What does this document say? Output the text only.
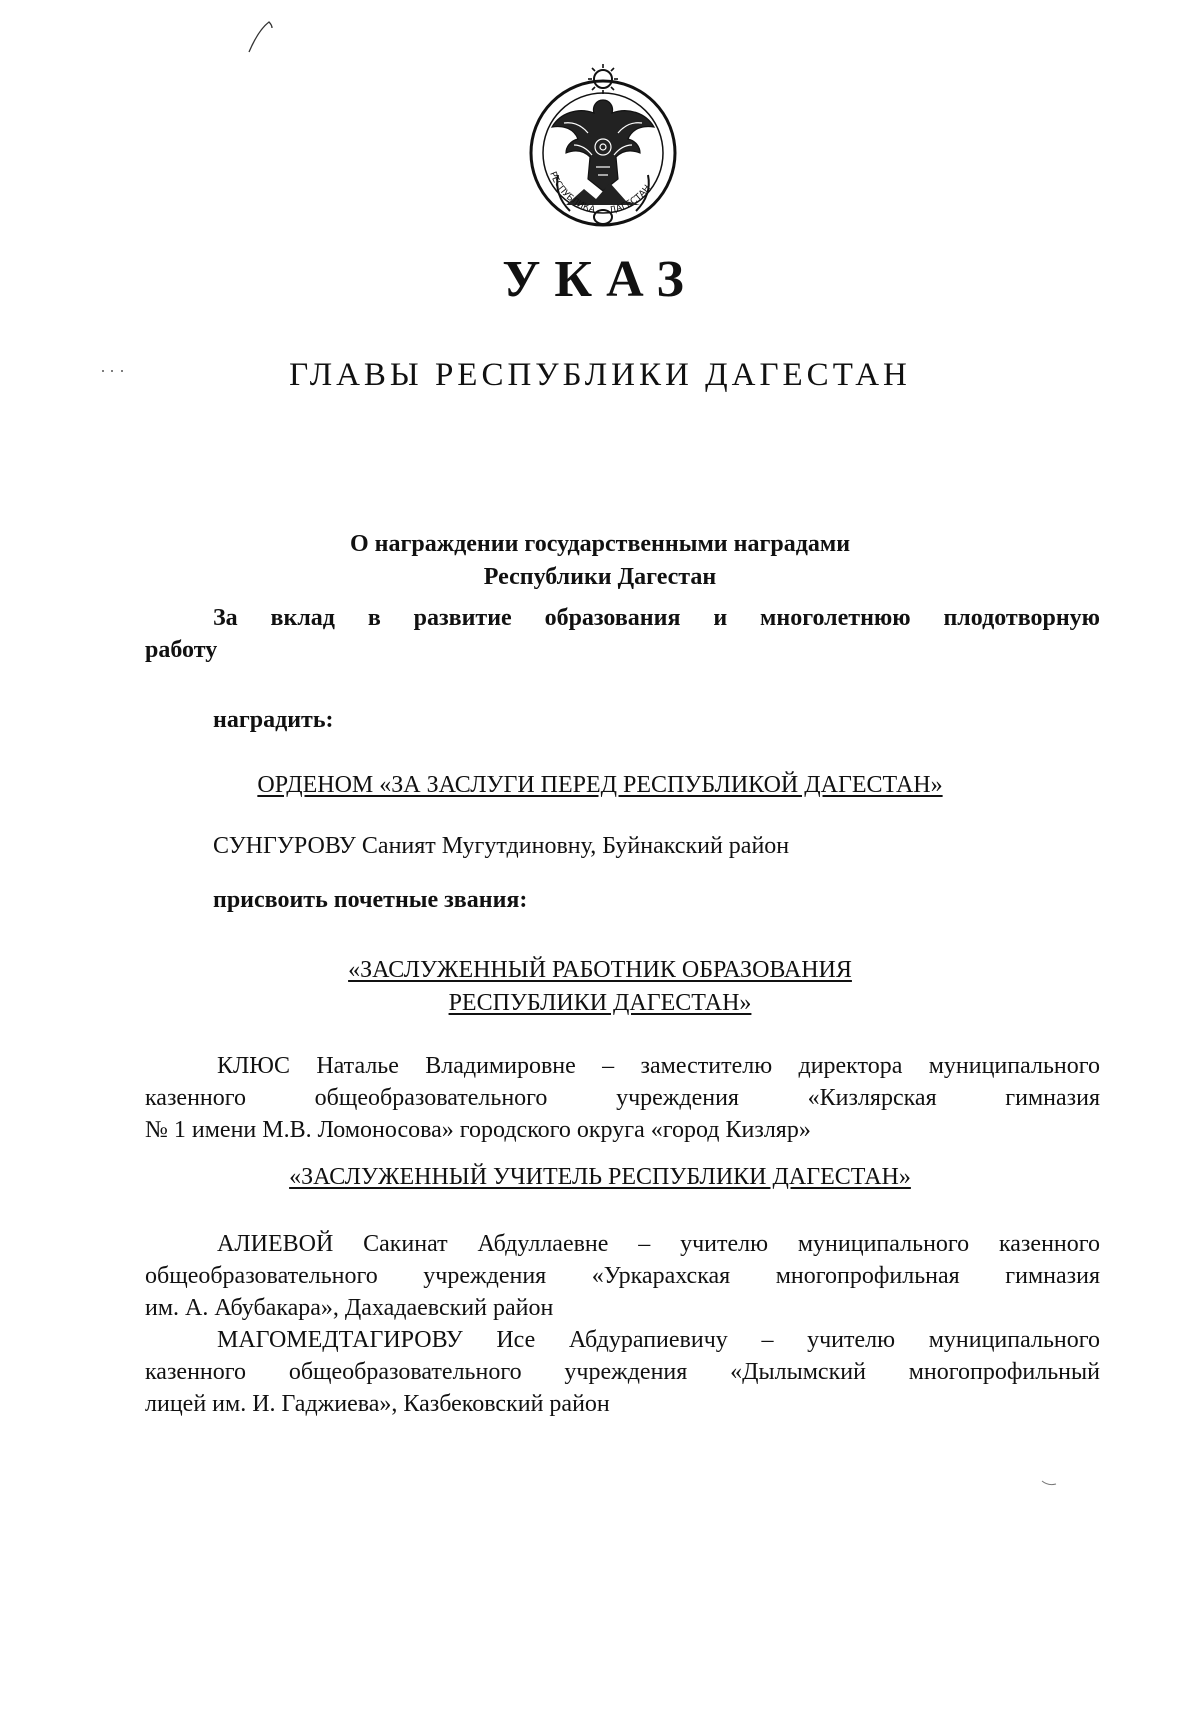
РЕСПУБЛИКА ДАГЕСТАН
УКАЗ
ГЛАВЫ РЕСПУБЛИКИ ДАГЕСТАН
О награждении государственными наградами
Республики Дагестан
За вклад в развитие образования и многолетнюю плодотворную
работу
наградить:
ОРДЕНОМ «ЗА ЗАСЛУГИ ПЕРЕД РЕСПУБЛИКОЙ ДАГЕСТАН»
СУНГУРОВУ Саният Мугутдиновну, Буйнакский район
присвоить почетные звания:
«ЗАСЛУЖЕННЫЙ РАБОТНИК ОБРАЗОВАНИЯ
РЕСПУБЛИКИ ДАГЕСТАН»
КЛЮС Наталье Владимировне – заместителю директора муниципального
казенного общеобразовательного учреждения «Кизлярская гимназия
№ 1 имени М.В. Ломоносова» городского округа «город Кизляр»
«ЗАСЛУЖЕННЫЙ УЧИТЕЛЬ РЕСПУБЛИКИ ДАГЕСТАН»
АЛИЕВОЙ Сакинат Абдуллаевне – учителю муниципального казенного
общеобразовательного учреждения «Уркарахская многопрофильная гимназия
им. А. Абубакара», Дахадаевский район
МАГОМЕДТАГИРОВУ Исе Абдурапиевичу – учителю муниципального
казенного общеобразовательного учреждения «Дылымский многопрофильный
лицей им. И. Гаджиева», Казбековский район
